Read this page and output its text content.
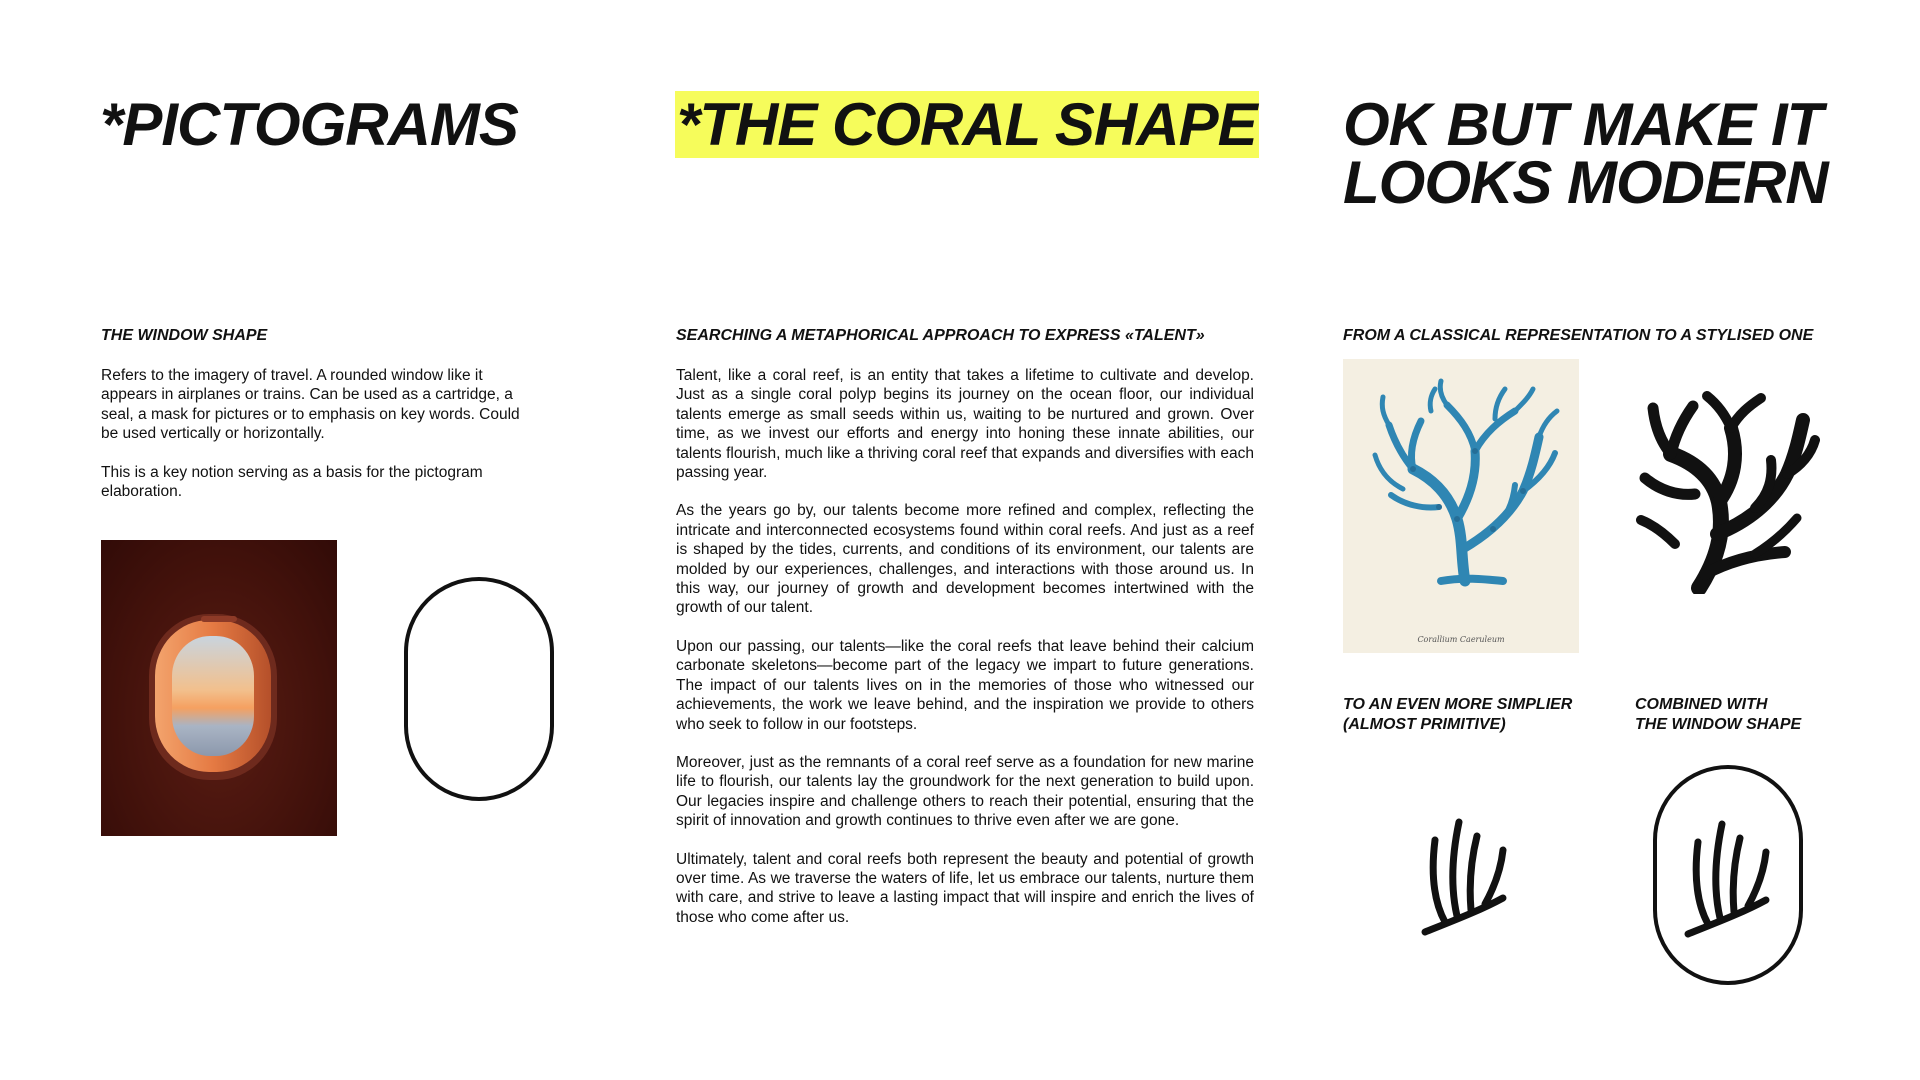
*PICTOGRAMS

THE WINDOW SHAPE

Refers to the imagery of travel. A rounded window like it appears in airplanes or trains. Can be used as a cartridge, a seal, a mask for pictures or to emphasis on key words. Could be used vertically or horizontally.

This is a key notion serving as a basis for the pictogram elaboration.

*THE CORAL SHAPE

SEARCHING A METAPHORICAL APPROACH TO EXPRESS «TALENT»

Talent, like a coral reef, is an entity that takes a lifetime to cultivate and develop. Just as a single coral polyp begins its journey on the ocean floor, our individual talents emerge as small seeds within us, waiting to be nurtured and grown. Over time, as we invest our efforts and energy into honing these innate abilities, our talents flourish, much like a thriving coral reef that expands and diversifies with each passing year.

As the years go by, our talents become more refined and complex, reflecting the intricate and interconnected ecosystems found within coral reefs. And just as a reef is shaped by the tides, currents, and conditions of its environment, our talents are molded by our experiences, challenges, and interactions with those around us. In this way, our journey of growth and development becomes intertwined with the growth of our talent.

Upon our passing, our talents—like the coral reefs that leave behind their calcium carbonate skeletons—become part of the legacy we impart to future generations. The impact of our talents lives on in the memories of those who witnessed our achievements, the work we leave behind, and the inspiration we provide to others who seek to follow in our footsteps.

Moreover, just as the remnants of a coral reef serve as a foundation for new marine life to flourish, our talents lay the groundwork for the next generation to build upon. Our legacies inspire and challenge others to reach their potential, ensuring that the spirit of innovation and growth continues to thrive even after we are gone.

Ultimately, talent and coral reefs both represent the beauty and potential of growth over time. As we traverse the waters of life, let us embrace our talents, nurture them with care, and strive to leave a lasting impact that will inspire and enrich the lives of those who come after us.

OK BUT MAKE IT

LOOKS MODERN

FROM A CLASSICAL REPRESENTATION TO A STYLISED ONE

Corallium Caeruleum

TO AN EVEN MORE SIMPLIER

(ALMOST PRIMITIVE)

COMBINED WITH

THE WINDOW SHAPE
